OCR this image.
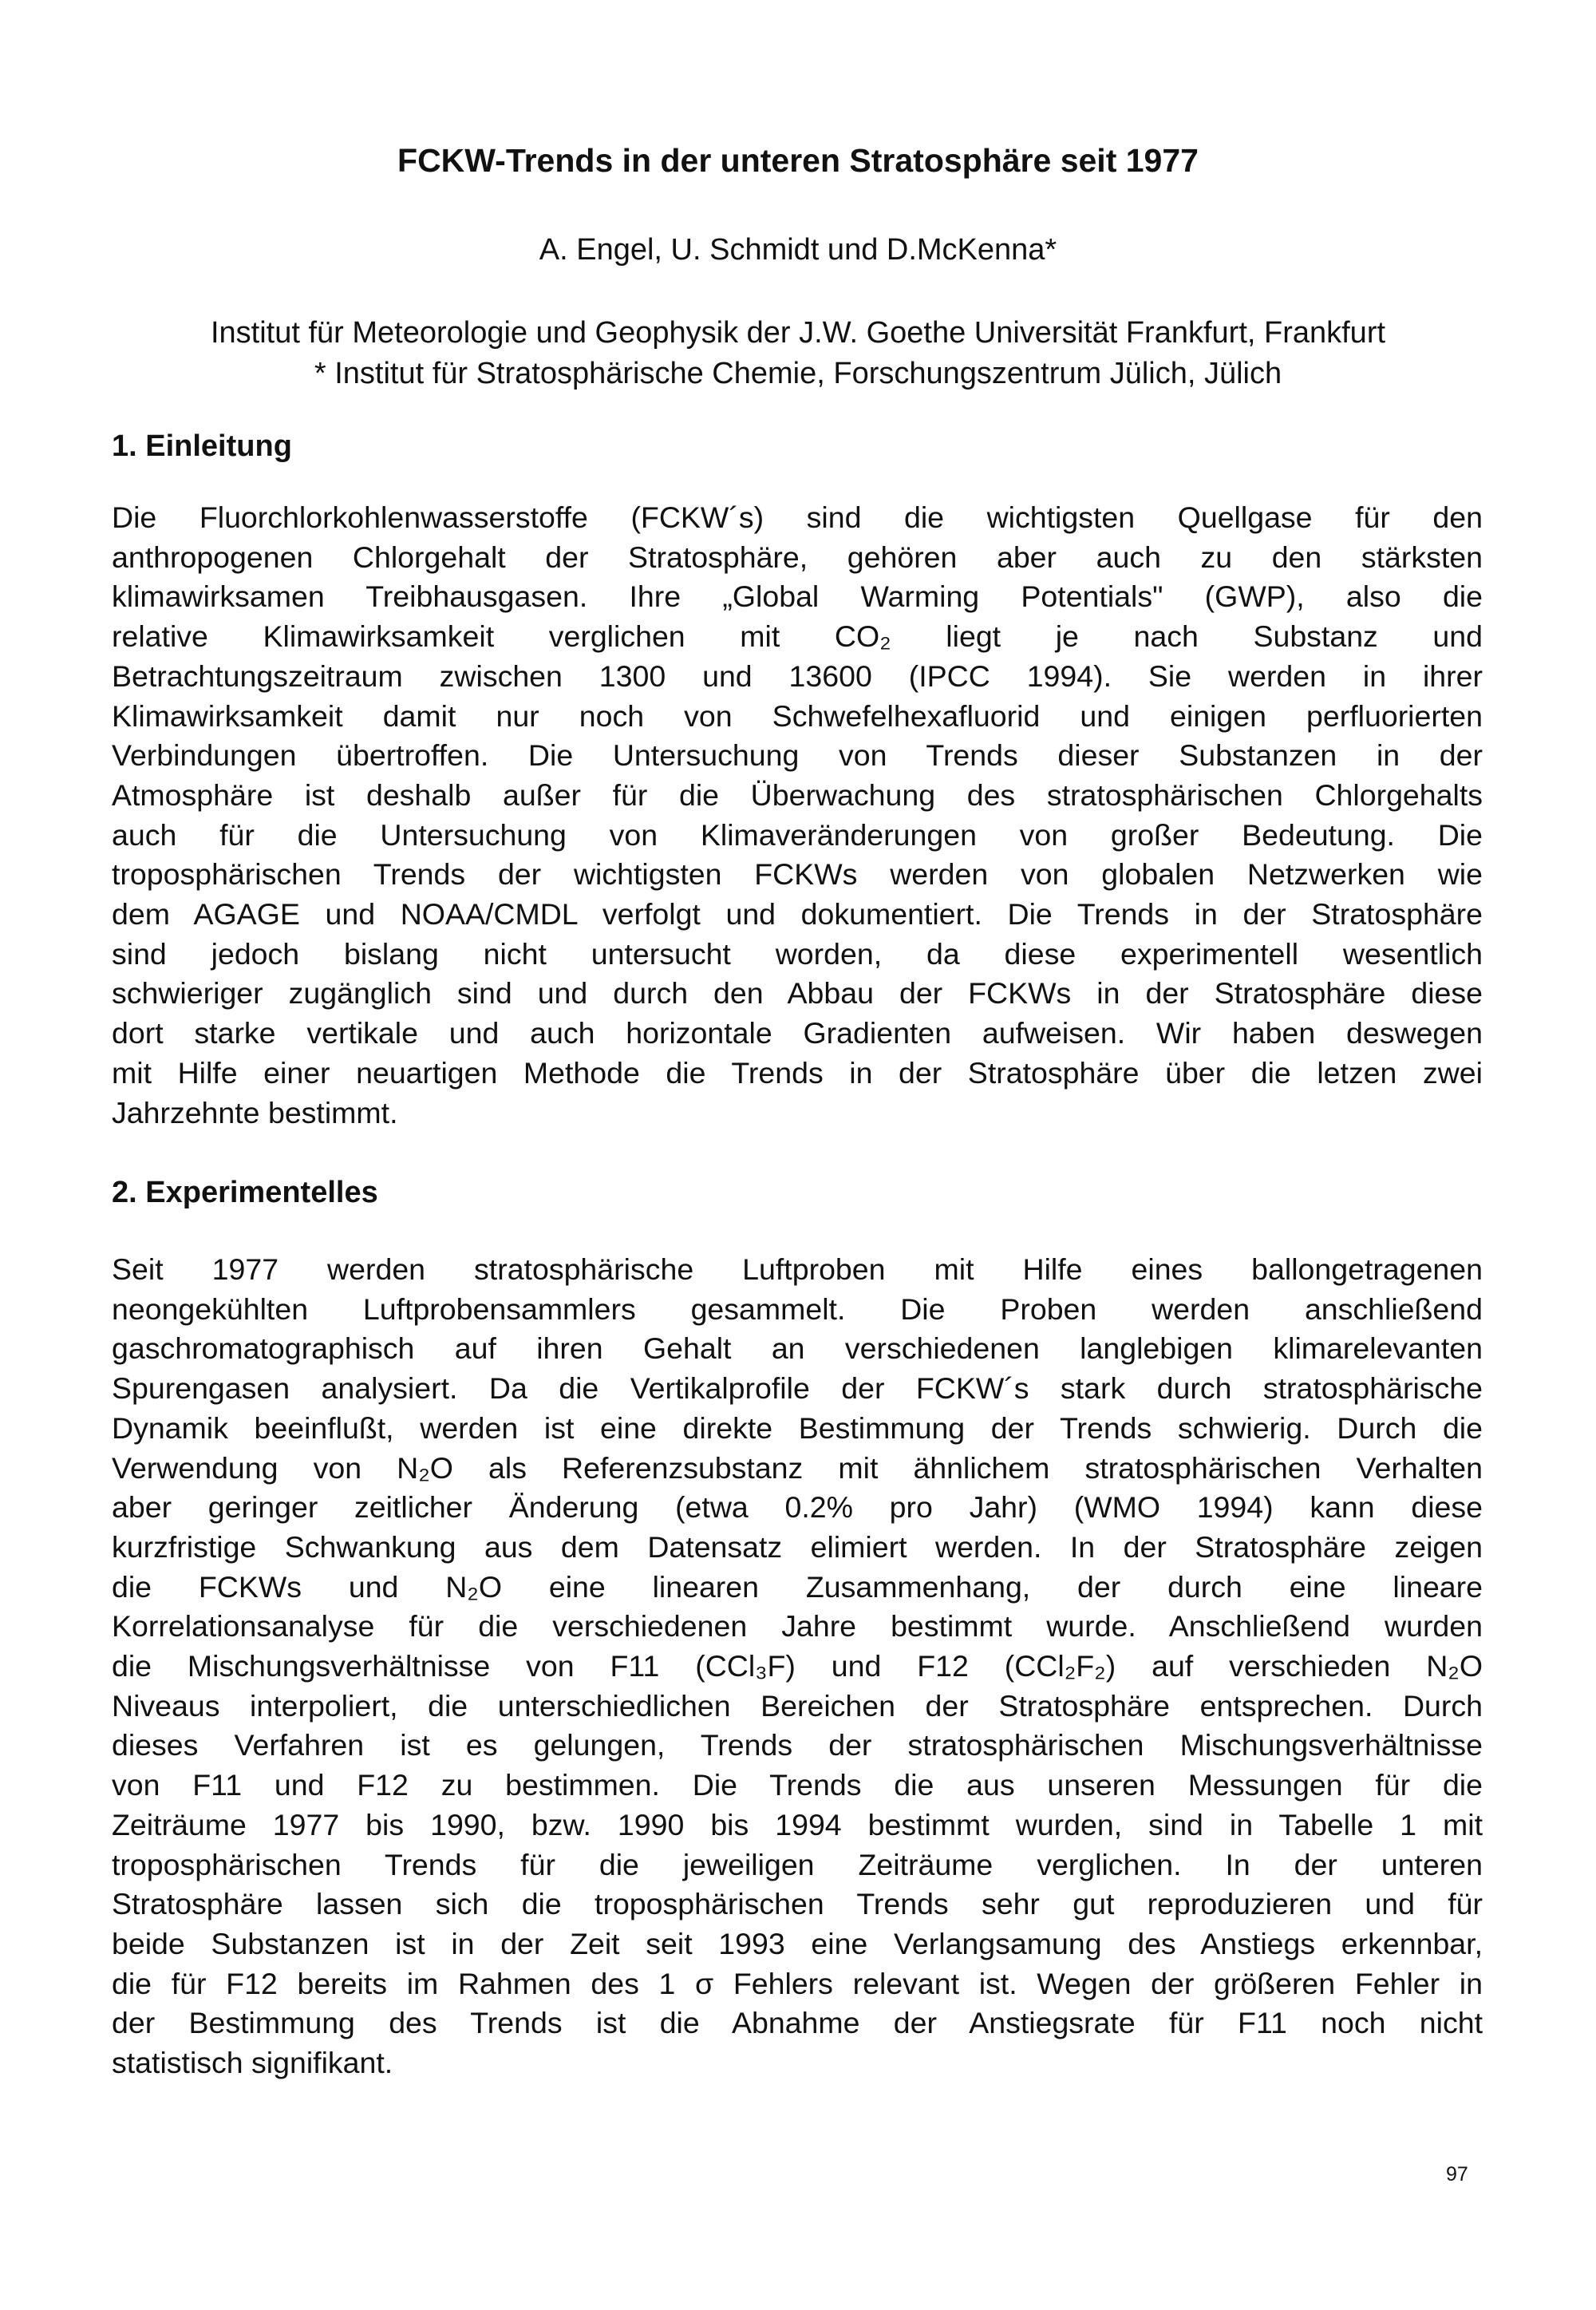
FCKW-Trends in der unteren Stratosphäre seit 1977
A. Engel, U. Schmidt und D.McKenna*
Institut für Meteorologie und Geophysik der J.W. Goethe Universität Frankfurt, Frankfurt
* Institut für Stratosphärische Chemie, Forschungszentrum Jülich, Jülich
1. Einleitung
Die Fluorchlorkohlenwasserstoffe (FCKW´s) sind die wichtigsten Quellgase für den
anthropogenen Chlorgehalt der Stratosphäre, gehören aber auch zu den stärksten
klimawirksamen Treibhausgasen. Ihre „Global Warming Potentials" (GWP), also die
relative Klimawirksamkeit verglichen mit CO₂ liegt je nach Substanz und
Betrachtungszeitraum zwischen 1300 und 13600 (IPCC 1994). Sie werden in ihrer
Klimawirksamkeit damit nur noch von Schwefelhexafluorid und einigen perfluorierten
Verbindungen übertroffen. Die Untersuchung von Trends dieser Substanzen in der
Atmosphäre ist deshalb außer für die Überwachung des stratosphärischen Chlorgehalts
auch für die Untersuchung von Klimaveränderungen von großer Bedeutung. Die
troposphärischen Trends der wichtigsten FCKWs werden von globalen Netzwerken wie
dem AGAGE und NOAA/CMDL verfolgt und dokumentiert. Die Trends in der Stratosphäre
sind jedoch bislang nicht untersucht worden, da diese experimentell wesentlich
schwieriger zugänglich sind und durch den Abbau der FCKWs in der Stratosphäre diese
dort starke vertikale und auch horizontale Gradienten aufweisen. Wir haben deswegen
mit Hilfe einer neuartigen Methode die Trends in der Stratosphäre über die letzen zwei
Jahrzehnte bestimmt.
2. Experimentelles
Seit 1977 werden stratosphärische Luftproben mit Hilfe eines ballongetragenen
neongekühlten Luftprobensammlers gesammelt. Die Proben werden anschließend
gaschromatographisch auf ihren Gehalt an verschiedenen langlebigen klimarelevanten
Spurengasen analysiert. Da die Vertikalprofile der FCKW´s stark durch stratosphärische
Dynamik beeinflußt, werden ist eine direkte Bestimmung der Trends schwierig. Durch die
Verwendung von N₂O als Referenzsubstanz mit ähnlichem stratosphärischen Verhalten
aber geringer zeitlicher Änderung (etwa 0.2% pro Jahr) (WMO 1994) kann diese
kurzfristige Schwankung aus dem Datensatz elimiert werden. In der Stratosphäre zeigen
die FCKWs und N₂O eine linearen Zusammenhang, der durch eine lineare
Korrelationsanalyse für die verschiedenen Jahre bestimmt wurde. Anschließend wurden
die Mischungsverhältnisse von F11 (CCl₃F) und F12 (CCl₂F₂) auf verschieden N₂O
Niveaus interpoliert, die unterschiedlichen Bereichen der Stratosphäre entsprechen. Durch
dieses Verfahren ist es gelungen, Trends der stratosphärischen Mischungsverhältnisse
von F11 und F12 zu bestimmen. Die Trends die aus unseren Messungen für die
Zeiträume 1977 bis 1990, bzw. 1990 bis 1994 bestimmt wurden, sind in Tabelle 1 mit
troposphärischen Trends für die jeweiligen Zeiträume verglichen. In der unteren
Stratosphäre lassen sich die troposphärischen Trends sehr gut reproduzieren und für
beide Substanzen ist in der Zeit seit 1993 eine Verlangsamung des Anstiegs erkennbar,
die für F12 bereits im Rahmen des 1 σ Fehlers relevant ist. Wegen der größeren Fehler in
der Bestimmung des Trends ist die Abnahme der Anstiegsrate für F11 noch nicht
statistisch signifikant.
97
